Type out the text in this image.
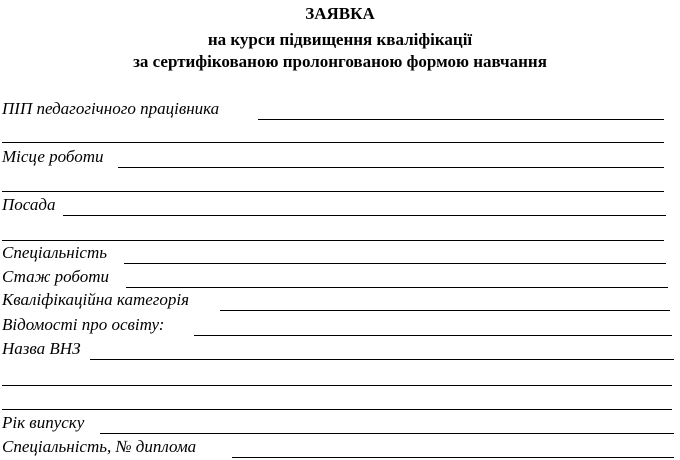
ЗАЯВКА
на курси підвищення кваліфікації
за сертифікованою пролонгованою формою навчання
ПІП педагогічного працівника
Місце роботи
Посада
Спеціальність
Стаж роботи
Кваліфікаційна категорія
Відомості про освіту:
Назва ВНЗ
Рік випуску
Спеціальність, № диплома
